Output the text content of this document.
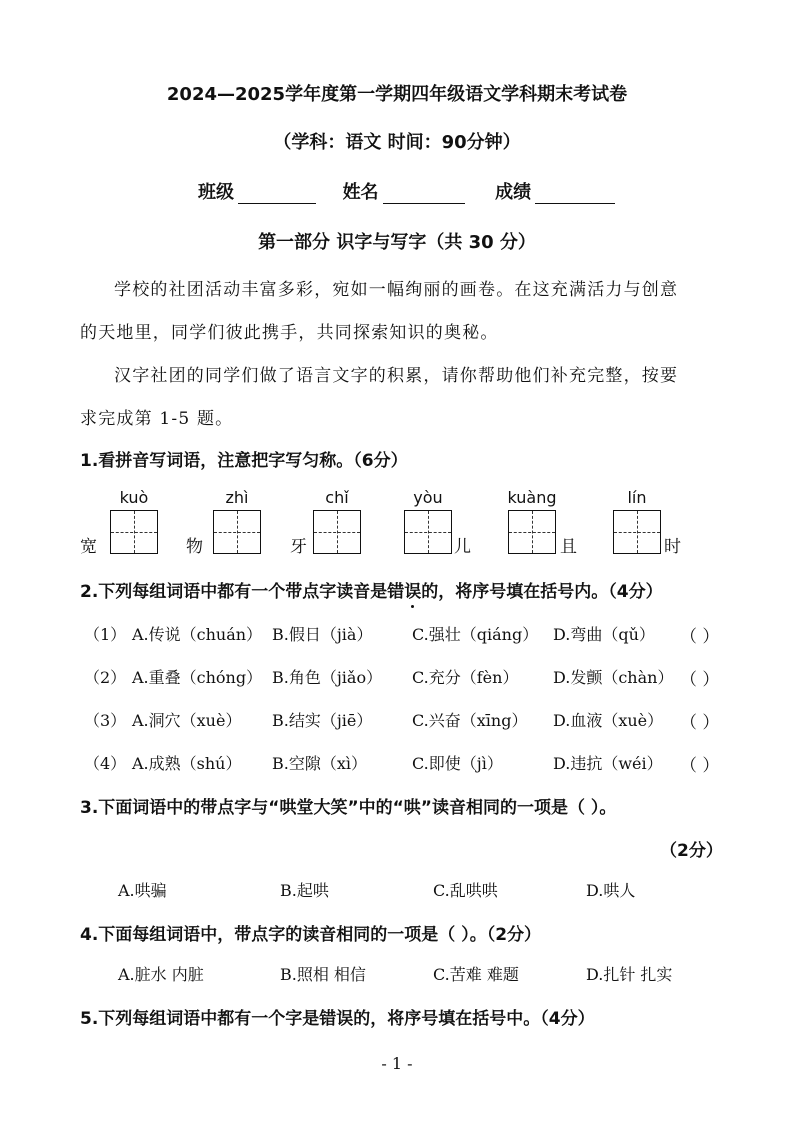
2024—2025学年度第一学期四年级语文学科期末考试卷
（学科：语文 时间：90分钟）
班级	姓名	成绩
第一部分 识字与写字（共 30 分）
学校的社团活动丰富多彩，宛如一幅绚丽的画卷。在这充满活力与创意
的天地里，同学们彼此携手，共同探索知识的奥秘。
汉字社团的同学们做了语言文字的积累，请你帮助他们补充完整，按要
求完成第 1-5 题。
1.看拼音写词语，注意把字写匀称。（6分）
kuò
宽
zhì
物
chǐ
牙
yòu
儿
kuàng
且
lín
时
2.下列每组词语中都有一个带点字读音是错误的，将序号填在括号内。（4分）
（1） A.传说（chuán） B.假日（jià） C.强壮（qiáng） D.弯曲（qǔ） （ ）
（2） A.重叠（chóng） B.角色（jiǎo） C.充分（fèn） D.发颤（chàn） （ ）
（3） A.洞穴（xuè） B.结实（jiē） C.兴奋（xīng） D.血液（xuè） （ ）
（4） A.成熟（shú） B.空隙（xì）	C.即使（jì）	D.违抗（wéi） （ ）
3.下面词语中的带点字与“哄堂大笑”中的“哄”读音相同的一项是（ ）。
（2分）
A.哄骗	B.起哄	C.乱哄哄	D.哄人
4.下面每组词语中，带点字的读音相同的一项是（ ）。（2分）
A.脏水 内脏	B.照相 相信	C.苦难 难题	D.扎针 扎实
5.下列每组词语中都有一个字是错误的，将序号填在括号中。（4分）
- 1 -
